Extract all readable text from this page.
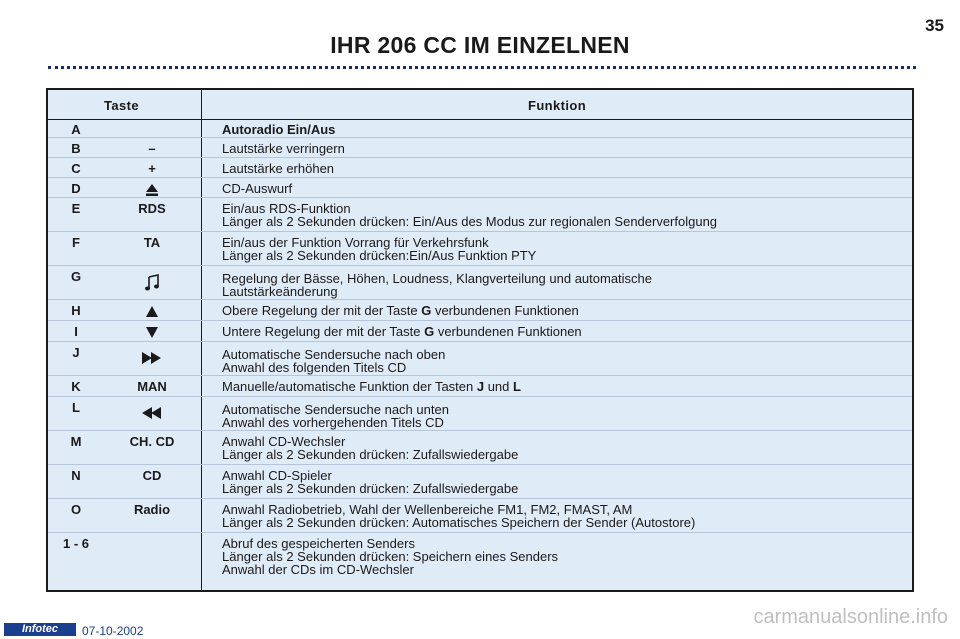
35
IHR 206 CC IM EINZELNEN
Taste	Funktion
A	Autoradio Ein/Aus
B	–	Lautstärke verringern
C	+	Lautstärke erhöhen
D	CD-Auswurf
E	RDS	Ein/aus RDS-Funktion
Länger als 2 Sekunden drücken: Ein/Aus des Modus zur regionalen Senderverfolgung
F	TA	Ein/aus der Funktion Vorrang für Verkehrsfunk
Länger als 2 Sekunden drücken:Ein/Aus Funktion PTY
G	Regelung der Bässe, Höhen, Loudness, Klangverteilung und automatische
Lautstärkeänderung
H	Obere Regelung der mit der Taste G verbundenen Funktionen
I	Untere Regelung der mit der Taste G verbundenen Funktionen
J	Automatische Sendersuche nach oben
Anwahl des folgenden Titels CD
K	MAN	Manuelle/automatische Funktion der Tasten J und L
L	Automatische Sendersuche nach unten
Anwahl des vorhergehenden Titels CD
M	CH. CD	Anwahl CD-Wechsler
Länger als 2 Sekunden drücken: Zufallswiedergabe
N	CD	Anwahl CD-Spieler
Länger als 2 Sekunden drücken: Zufallswiedergabe
O	Radio	Anwahl Radiobetrieb, Wahl der Wellenbereiche FM1, FM2, FMAST, AM
Länger als 2 Sekunden drücken: Automatisches Speichern der Sender (Autostore)
1 - 6	Abruf des gespeicherten Senders
Länger als 2 Sekunden drücken: Speichern eines Senders
Anwahl der CDs im CD-Wechsler
Infotec	07-10-2002
carmanualsonline.info
